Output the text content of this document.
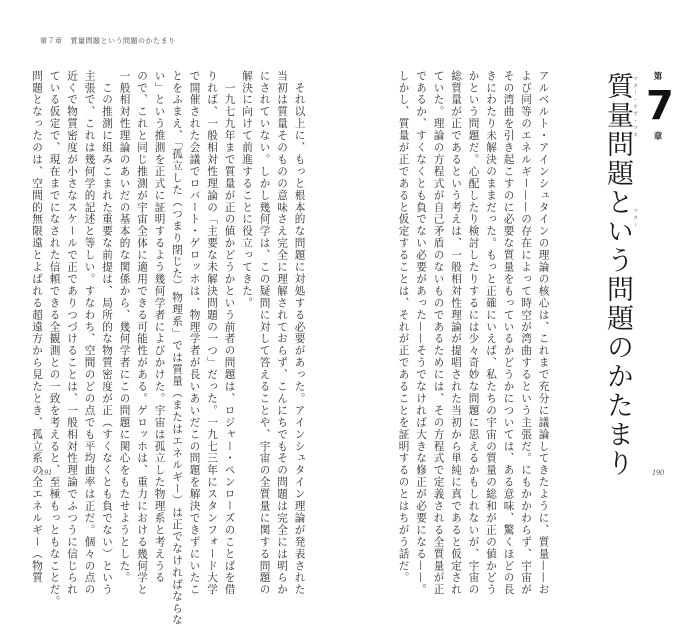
第７章 質量問題という問題のかたまり
　それ以上に、もっと根本的な問題に対処する必要があった。アインシュタイン理論が発表された
当初は質量そのものの意味さえ完全に理解されておらず、こんにちでもその問題は完全には明らか
にされていない。しかし幾何学は、この疑問に対して答えることや、宇宙の全質量に関する問題の
解決に向けて前進することに役立ってきた。
　一九七九年まで質量が正の値かどうかという前者の問題は、ロジャー・ペンローズのことばを借
りれば、一般相対性理論の「主要な未解決問題の一つ」だった。一九七三年にスタンフォード大学
で開催された会議でロバート・ゲロッホは、物理学者が長いあいだこの問題を解決できずにいたこ
とをふまえ、「孤立した（つまり閉じた）物理系」では質量（またはエネルギー）は正でなければならな
い」という推測を正式に証明するよう幾何学者によびかけた。宇宙は孤立した物理系と考えうる
ので、これと同じ推測が宇宙全体に適用できる可能性がある。ゲロッホは、重力における幾何学と
一般相対性理論のあいだの基本的な関係から、幾何学者にこの問題に関心をもたせようとした。
　この推測に組みこまれた重要な前提は、局所的な物質密度が正（すくなくとも負でない）という
主張で、これは幾何学的記述と等しい。すなわち、空間のどの点でも平均曲率は正だ。個々の点の
近くで物質密度が小さなスケールで正でありつづけることは、一般相対性理論でふつうに信じられ
ている仮定で、現在までになされた信頼できる全観測との一致を考えると、至極もっともなことだ。
問題となったのは、空間的無限遠とよばれる超遠方から見たとき、孤立系の全エネルギー（物質
191
第
7
章
質量問題という問題のかたまり マター・オヴ・マス
マター
アルベルト・アインシュタインの理論の核心は、これまで充分に議論してきたように、質量——お
よび同等のエネルギー——の存在によって時空が湾曲するという主張だ。にもかかわらず、宇宙が
その湾曲を引き起こすのに必要な質量をもっているかどうかについては、ある意味、驚くほどの長
きにわたり未解決のままだった。もっと正確にいえば、私たちの宇宙の質量の総和が正の値かどう
かという問題だ。心配したり検討したりするには少々奇妙な問題に思えるかもしれないが、宇宙の
総質量が正であるという考えは、一般相対性理論が提唱された当初から単純に真であると仮定され
ていた。理論の方程式が自己矛盾のないものであるためには、その方程式で定義される全質量が正
であるか、すくなくとも負でない必要があった——そうでなければ大きな修正が必要になる——。
しかし、質量が正であると仮定することは、それが正であることを証明するのとはちがう話だ。	190
